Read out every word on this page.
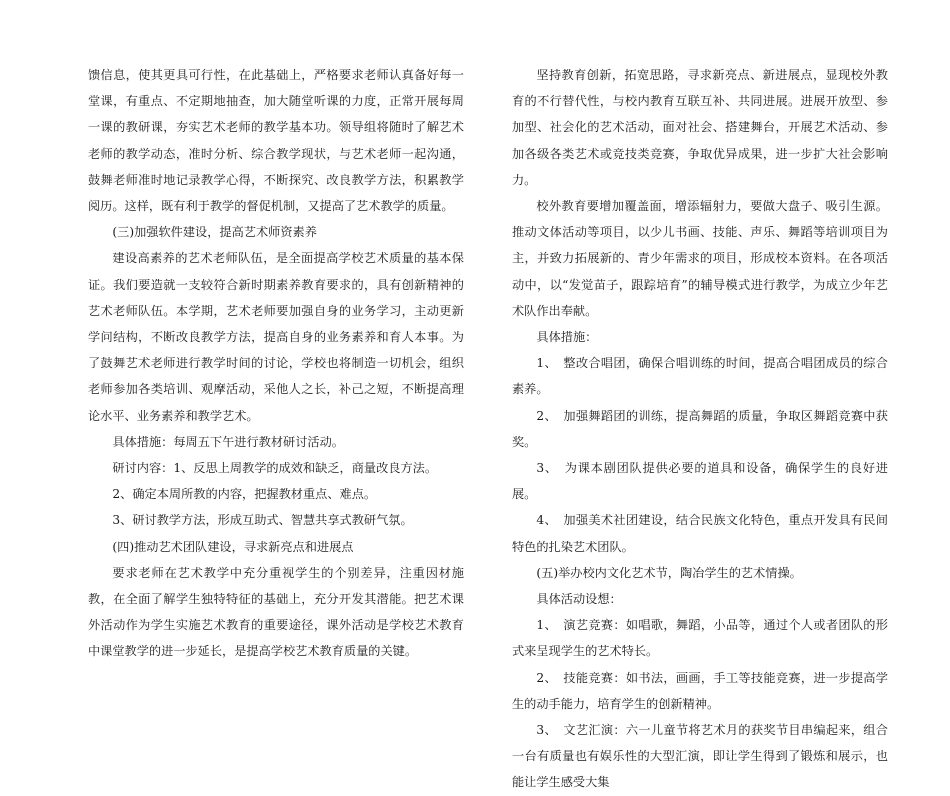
馈信息，使其更具可行性，在此基础上，严格要求老师认真备好每一堂课，有重点、不定期地抽查，加大随堂听课的力度，正常开展每周一课的教研课，夯实艺术老师的教学基本功。领导组将随时了解艺术老师的教学动态，准时分析、综合教学现状，与艺术老师一起沟通，鼓舞老师准时地记录教学心得，不断探究、改良教学方法，积累教学阅历。这样，既有利于教学的督促机制，又提高了艺术教学的质量。

(三)加强软件建设，提高艺术师资素养

建设高素养的艺术老师队伍，是全面提高学校艺术质量的基本保证。我们要造就一支较符合新时期素养教育要求的，具有创新精神的艺术老师队伍。本学期，艺术老师要加强自身的业务学习，主动更新学问结构，不断改良教学方法，提高自身的业务素养和育人本事。为了鼓舞艺术老师进行教学时间的讨论，学校也将制造一切机会，组织老师参加各类培训、观摩活动，采他人之长，补己之短，不断提高理论水平、业务素养和教学艺术。

具体措施：每周五下午进行教材研讨活动。

研讨内容：1、反思上周教学的成效和缺乏，商量改良方法。

2、确定本周所教的内容，把握教材重点、难点。

3、研讨教学方法，形成互助式、智慧共享式教研气氛。

(四)推动艺术团队建设，寻求新亮点和进展点

要求老师在艺术教学中充分重视学生的个别差异，注重因材施教，在全面了解学生独特特征的基础上，充分开发其潜能。把艺术课外活动作为学生实施艺术教育的重要途径，课外活动是学校艺术教育中课堂教学的进一步延长，是提高学校艺术教育质量的关键。

坚持教育创新，拓宽思路，寻求新亮点、新进展点，显现校外教育的不行替代性，与校内教育互联互补、共同进展。进展开放型、参加型、社会化的艺术活动，面对社会、搭建舞台，开展艺术活动、参加各级各类艺术或竞技类竞赛，争取优异成果，进一步扩大社会影响力。

校外教育要增加覆盖面，增添辐射力，要做大盘子、吸引生源。推动文体活动等项目，以少儿书画、技能、声乐、舞蹈等培训项目为主，并致力拓展新的、青少年需求的项目，形成校本资料。在各项活动中，以“发觉苗子，跟踪培育”的辅导模式进行教学，为成立少年艺术队作出奉献。

具体措施：

1、　整改合唱团，确保合唱训练的时间，提高合唱团成员的综合素养。

2、　加强舞蹈团的训练，提高舞蹈的质量，争取区舞蹈竞赛中获奖。

3、　为课本剧团队提供必要的道具和设备，确保学生的良好进展。

4、　加强美术社团建设，结合民族文化特色，重点开发具有民间特色的扎染艺术团队。

(五)举办校内文化艺术节，陶冶学生的艺术情操。

具体活动设想：

1、　演艺竞赛：如唱歌，舞蹈，小品等，通过个人或者团队的形式来呈现学生的艺术特长。

2、　技能竞赛：如书法，画画，手工等技能竞赛，进一步提高学生的动手能力，培育学生的创新精神。

3、　文艺汇演：六一儿童节将艺术月的获奖节目串编起来，组合一台有质量也有娱乐性的大型汇演，即让学生得到了锻炼和展示，也能让学生感受大集
